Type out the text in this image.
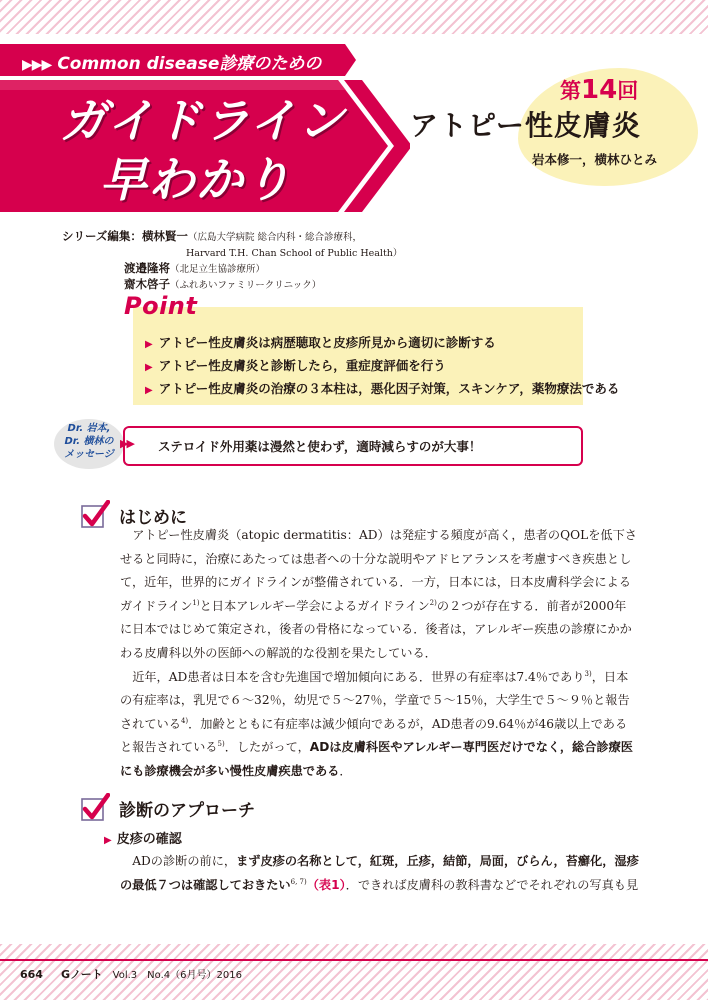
▶▶▶ Common disease診療のための
ガイドライン
早わかり
第14回
アトピー性皮膚炎
岩本修一，横林ひとみ
シリーズ編集：横林賢一（広島大学病院 総合内科・総合診療科，
Harvard T.H. Chan School of Public Health）
渡邉隆将（北足立生協診療所）
齋木啓子（ふれあいファミリークリニック）
Point
▶ アトピー性皮膚炎は病歴聴取と皮疹所見から適切に診断する
▶ アトピー性皮膚炎と診断したら，重症度評価を行う
▶ アトピー性皮膚炎の治療の３本柱は，悪化因子対策，スキンケア，薬物療法である
Dr. 岩本,
Dr. 横林の
メッセージ
▶▶ ステロイド外用薬は漫然と使わず，適時減らすのが大事！
はじめに
　アトピー性皮膚炎（atopic dermatitis：AD）は発症する頻度が高く，患者のQOLを低下さ
せると同時に，治療にあたっては患者への十分な説明やアドヒアランスを考慮すべき疾患とし
て，近年，世界的にガイドラインが整備されている．一方，日本には，日本皮膚科学会による
ガイドライン$^{1)}$と日本アレルギー学会によるガイドライン$^{2)}$の２つが存在する．前者が2000年
に日本ではじめて策定され，後者の骨格になっている．後者は，アレルギー疾患の診療にかか
わる皮膚科以外の医師への解説的な役割を果たしている．
　近年，AD患者は日本を含む先進国で増加傾向にある．世界の有症率は7.4％であり$^{3)}$，日本
の有症率は，乳児で６～32％，幼児で５～27％，学童で５～15％，大学生で５～９％と報告
されている$^{4)}$．加齢とともに有症率は減少傾向であるが，AD患者の9.64％が46歳以上である
と報告されている$^{5)}$．したがって，ADは皮膚科医やアレルギー専門医だけでなく，総合診療医
にも診療機会が多い慢性皮膚疾患である．
診断のアプローチ
▶ 皮疹の確認
　ADの診断の前に，まず皮疹の名称として，紅斑，丘疹，結節，局面，びらん，苔癬化，湿疹
の最低７つは確認しておきたい$^{6, 7)}$（表1）．できれば皮膚科の教科書などでそれぞれの写真も見
664 Gノート Vol.3　No.4（6月号）2016
